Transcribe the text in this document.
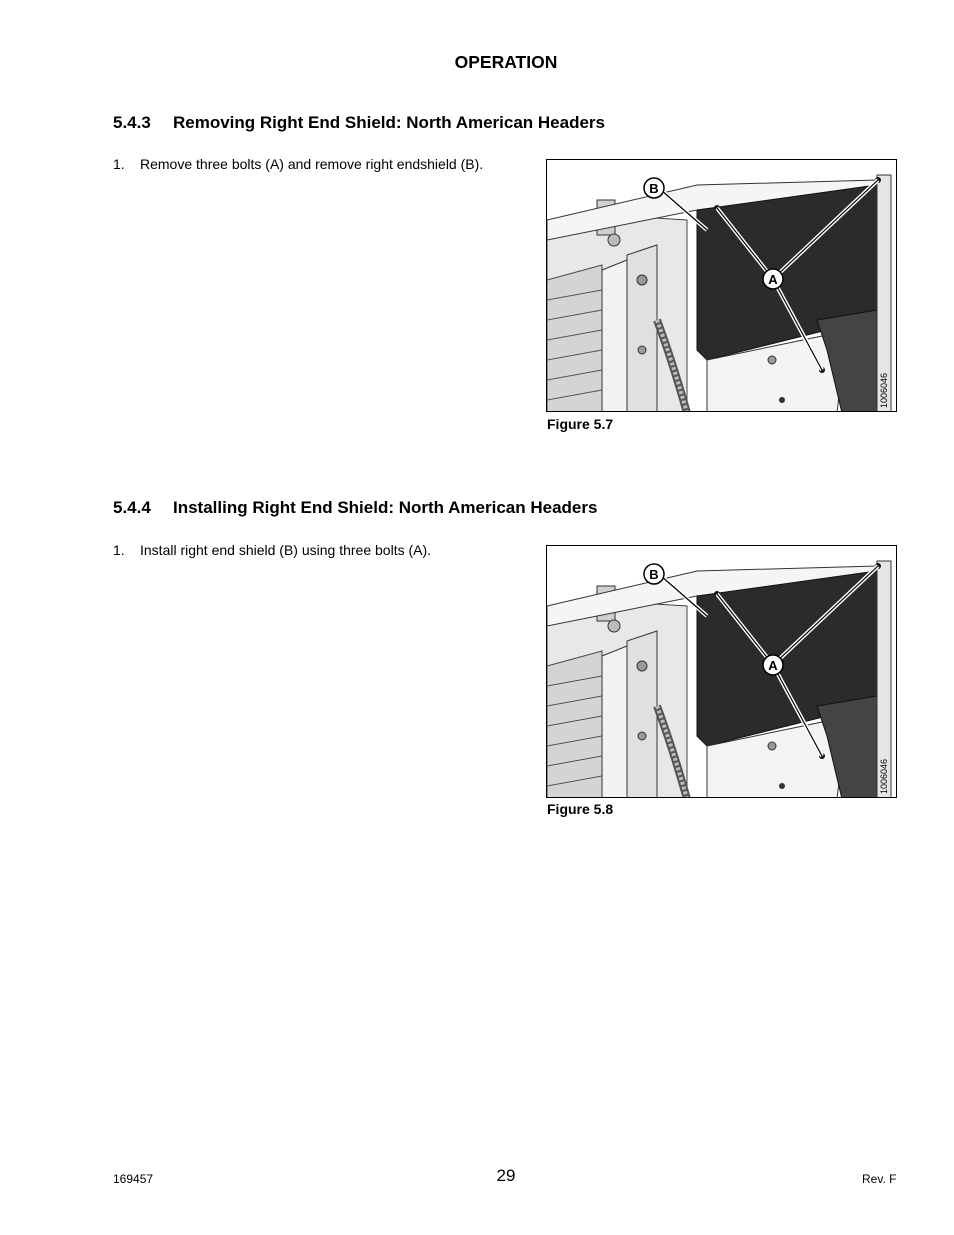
OPERATION
5.4.3 Removing Right End Shield: North American Headers
1. Remove three bolts (A) and remove right endshield (B).
B
A
1006046
Figure 5.7
5.4.4 Installing Right End Shield: North American Headers
1. Install right end shield (B) using three bolts (A).
B
A
1006046
Figure 5.8
169457	29	Rev. F
